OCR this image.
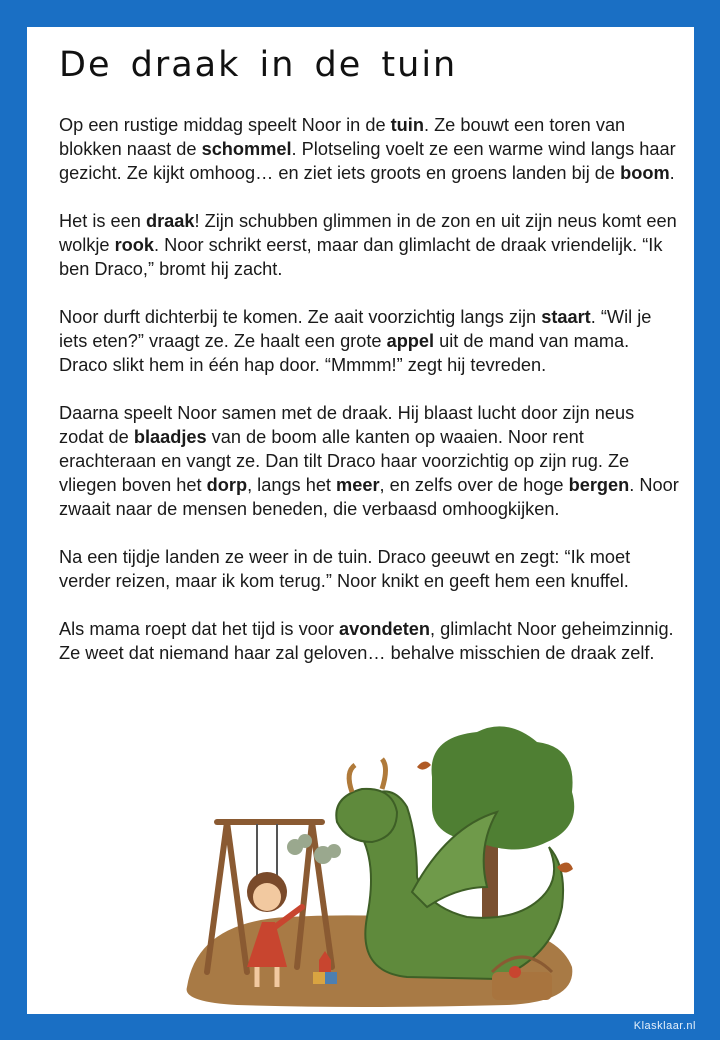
De draak in de tuin

Op een rustige middag speelt Noor in de tuin. Ze bouwt een toren van blokken naast de schommel. Plotseling voelt ze een warme wind langs haar gezicht. Ze kijkt omhoog… en ziet iets groots en groens landen bij de boom.

Het is een draak! Zijn schubben glimmen in de zon en uit zijn neus komt een wolkje rook. Noor schrikt eerst, maar dan glimlacht de draak vriendelijk. “Ik ben Draco,” bromt hij zacht.

Noor durft dichterbij te komen. Ze aait voorzichtig langs zijn staart. “Wil je iets eten?” vraagt ze. Ze haalt een grote appel uit de mand van mama. Draco slikt hem in één hap door. “Mmmm!” zegt hij tevreden.

Daarna speelt Noor samen met de draak. Hij blaast lucht door zijn neus zodat de blaadjes van de boom alle kanten op waaien. Noor rent erachteraan en vangt ze. Dan tilt Draco haar voorzichtig op zijn rug. Ze vliegen boven het dorp, langs het meer, en zelfs over de hoge bergen. Noor zwaait naar de mensen beneden, die verbaasd omhoogkijken.

Na een tijdje landen ze weer in de tuin. Draco geeuwt en zegt: “Ik moet verder reizen, maar ik kom terug.” Noor knikt en geeft hem een knuffel.

Als mama roept dat het tijd is voor avondeten, glimlacht Noor geheimzinnig. Ze weet dat niemand haar zal geloven… behalve misschien de draak zelf.

Klasklaar.nl
